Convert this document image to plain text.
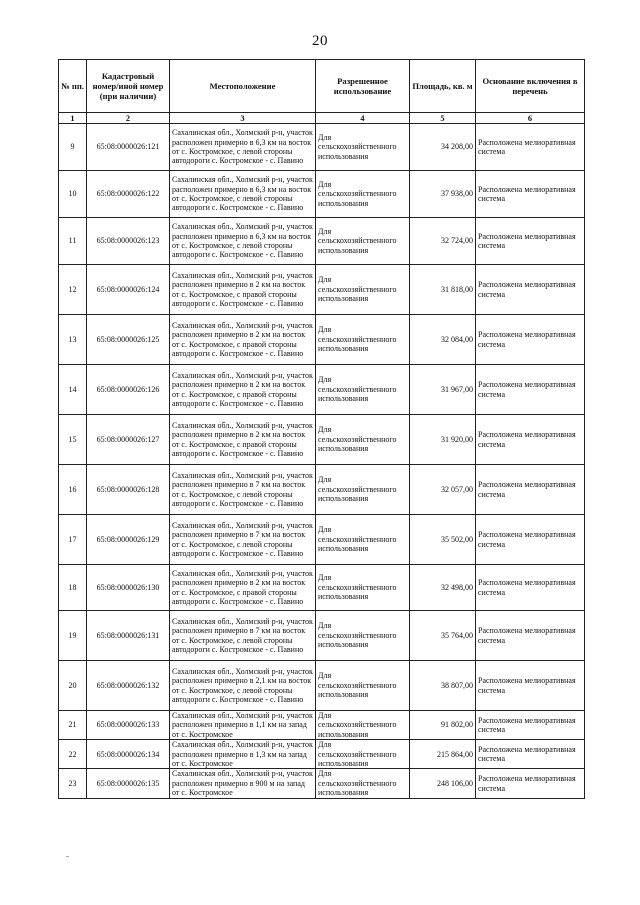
20
№ пп.	Кадастровый номер/иной номер (при наличии)	Местоположение	Разрешенное использование	Площадь, кв. м	Основание включения в перечень
1	2	3	4	5	6
9	65:08:0000026:121	Сахалинская обл., Холмский р-н, участок расположен примерно в 6,3 км на восток от с. Костромское, с левой стороны автодороги с. Костромское - с. Павино	Для сельскохозяйственного использования	34 208,00	Расположена мелиоративная система
10	65:08:0000026:122	Сахалинская обл., Холмский р-н, участок расположен примерно в 6,3 км на восток от с. Костромское, с левой стороны автодороги с. Костромское - с. Павино	Для сельскохозяйственного использования	37 938,00	Расположена мелиоративная система
11	65:08:0000026:123	Сахалинская обл., Холмский р-н, участок расположен примерно в 6,3 км на восток от с. Костромское, с левой стороны автодороги с. Костромское - с. Павино	Для сельскохозяйственного использования	32 724,00	Расположена мелиоративная система
12	65:08:0000026:124	Сахалинская обл., Холмский р-н, участок расположен примерно в 2 км на восток от с. Костромское, с правой стороны автодороги с. Костромское - с. Павино	Для сельскохозяйственного использования	31 818,00	Расположена мелиоративная система
13	65:08:0000026:125	Сахалинская обл., Холмский р-н, участок расположен примерно в 2 км на восток от с. Костромское, с правой стороны автодороги с. Костромское - с. Павино	Для сельскохозяйственного использования	32 084,00	Расположена мелиоративная система
14	65:08:0000026:126	Сахалинская обл., Холмский р-н, участок расположен примерно в 2 км на восток от с. Костромское, с правой стороны автодороги с. Костромское - с. Павино	Для сельскохозяйственного использования	31 967,00	Расположена мелиоративная система
15	65:08:0000026:127	Сахалинская обл., Холмский р-н, участок расположен примерно в 2 км на восток от с. Костромское, с правой стороны автодороги с. Костромское - с. Павино	Для сельскохозяйственного использования	31 920,00	Расположена мелиоративная система
16	65:08:0000026:128	Сахалинская обл., Холмский р-н, участок расположен примерно в 7 км на восток от с. Костромское, с левой стороны автодороги с. Костромское - с. Павино	Для сельскохозяйственного использования	32 057,00	Расположена мелиоративная система
17	65:08:0000026:129	Сахалинская обл., Холмский р-н, участок расположен примерно в 7 км на восток от с. Костромское, с левой стороны автодороги с. Костромское - с. Павино	Для сельскохозяйственного использования	35 502,00	Расположена мелиоративная система
18	65:08:0000026:130	Сахалинская обл., Холмский р-н, участок расположен примерно в 2 км на восток от с. Костромское, с правой стороны автодороги с. Костромское - с. Павино	Для сельскохозяйственного использования	32 498,00	Расположена мелиоративная система
19	65:08:0000026:131	Сахалинская обл., Холмский р-н, участок расположен примерно в 7 км на восток от с. Костромское, с левой стороны автодороги с. Костромское - с. Павино	Для сельскохозяйственного использования	35 764,00	Расположена мелиоративная система
20	65:08:0000026:132	Сахалинская обл., Холмский р-н, участок расположен примерно в 2,1 км на восток от с. Костромское, с левой стороны автодороги с. Костромское - с. Павино	Для сельскохозяйственного использования	38 807,00	Расположена мелиоративная система
21	65:08:0000026:133	Сахалинская обл., Холмский р-н, участок расположен примерно в 1,1 км на запад от с. Костромское	Для сельскохозяйственного использования	91 802,00	Расположена мелиоративная система
22	65:08:0000026:134	Сахалинская обл., Холмский р-н, участок расположен примерно в 1,3 км на запад от с. Костромское	Для сельскохозяйственного использования	215 864,00	Расположена мелиоративная система
23	65:08:0000026:135	Сахалинская обл., Холмский р-н, участок расположен примерно в 900 м на запад от с. Костромское	Для сельскохозяйственного использования	248 106,00	Расположена мелиоративная система
